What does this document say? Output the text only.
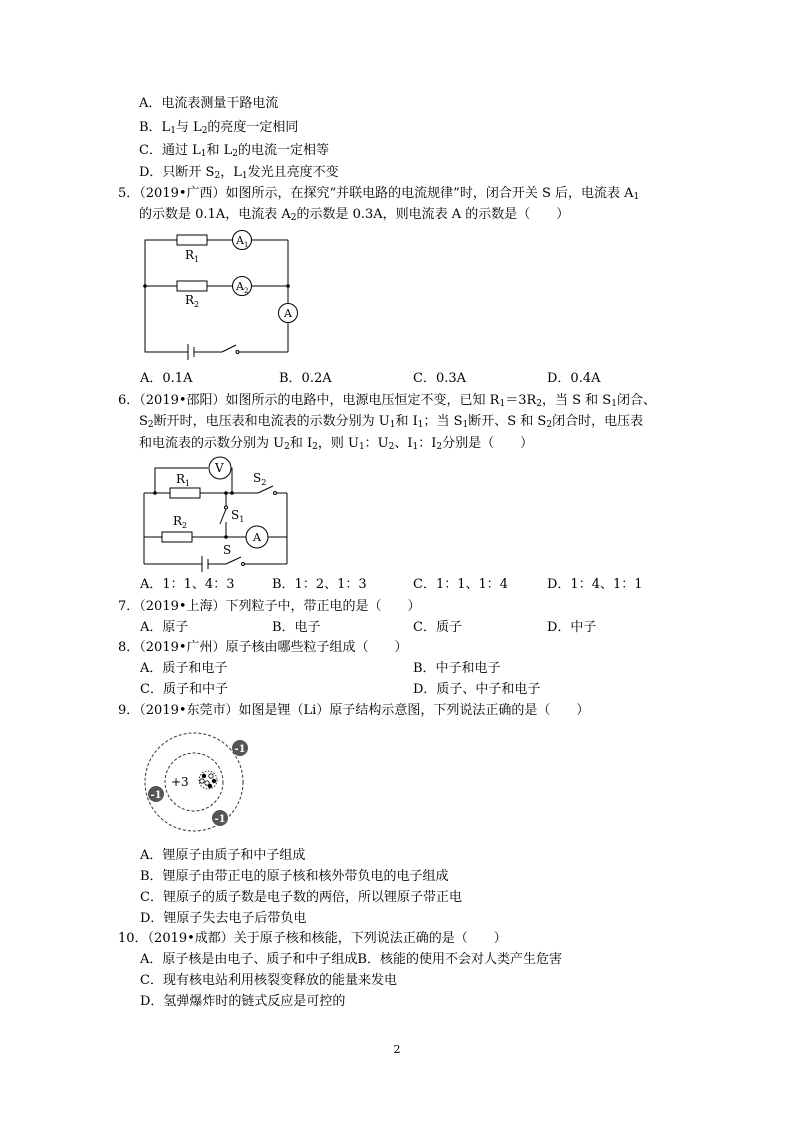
A．电流表测量干路电流
B．$L_1$与 $L_2$的亮度一定相同
C．通过 $L_1$和 $L_2$的电流一定相等
D．只断开 $S_2$，$L_1$发光且亮度不变
5．（2019•广西）如图所示，在探究“并联电路的电流规律”时，闭合开关 S 后，电流表 $A_1$
的示数是 0.1A，电流表 $A_2$的示数是 0.3A，则电流表 A 的示数是（　　）
$R_1$
$R_2$
$A_1$
$A_2$
A
A．0.1A	B．0.2A	C．0.3A	D．0.4A
6．（2019•邵阳）如图所示的电路中，电源电压恒定不变，已知 $R_1=3R_2$，当 S 和 $S_1$闭合、
$S_2$断开时，电压表和电流表的示数分别为 $U_1$和 $I_1$；当 $S_1$断开、S 和 $S_2$闭合时，电压表
和电流表的示数分别为 $U_2$和 $I_2$，则 $U_1$：$U_2$、$I_1$：$I_2$分别是（　　）
V
$R_1$
$R_2$
$S_2$
$S_1$
S
A
A．1：1、4：3	B．1：2、1：3	C．1：1、1：4	D．1：4、1：1
7．（2019•上海）下列粒子中，带正电的是（　　）
A．原子	B．电子	C．质子	D．中子
8．（2019•广州）原子核由哪些粒子组成（　　）
A．质子和电子	B．中子和电子
C．质子和中子	D．质子、中子和电子
9．（2019•东莞市）如图是锂（Li）原子结构示意图，下列说法正确的是（　　）
+3
-1
-1
-1
A．锂原子由质子和中子组成
B．锂原子由带正电的原子核和核外带负电的电子组成
C．锂原子的质子数是电子数的两倍，所以锂原子带正电
D．锂原子失去电子后带负电
10．（2019•成都）关于原子核和核能，下列说法正确的是（　　）
A．原子核是由电子、质子和中子组成B．核能的使用不会对人类产生危害
C．现有核电站利用核裂变释放的能量来发电
D．氢弹爆炸时的链式反应是可控的
2
